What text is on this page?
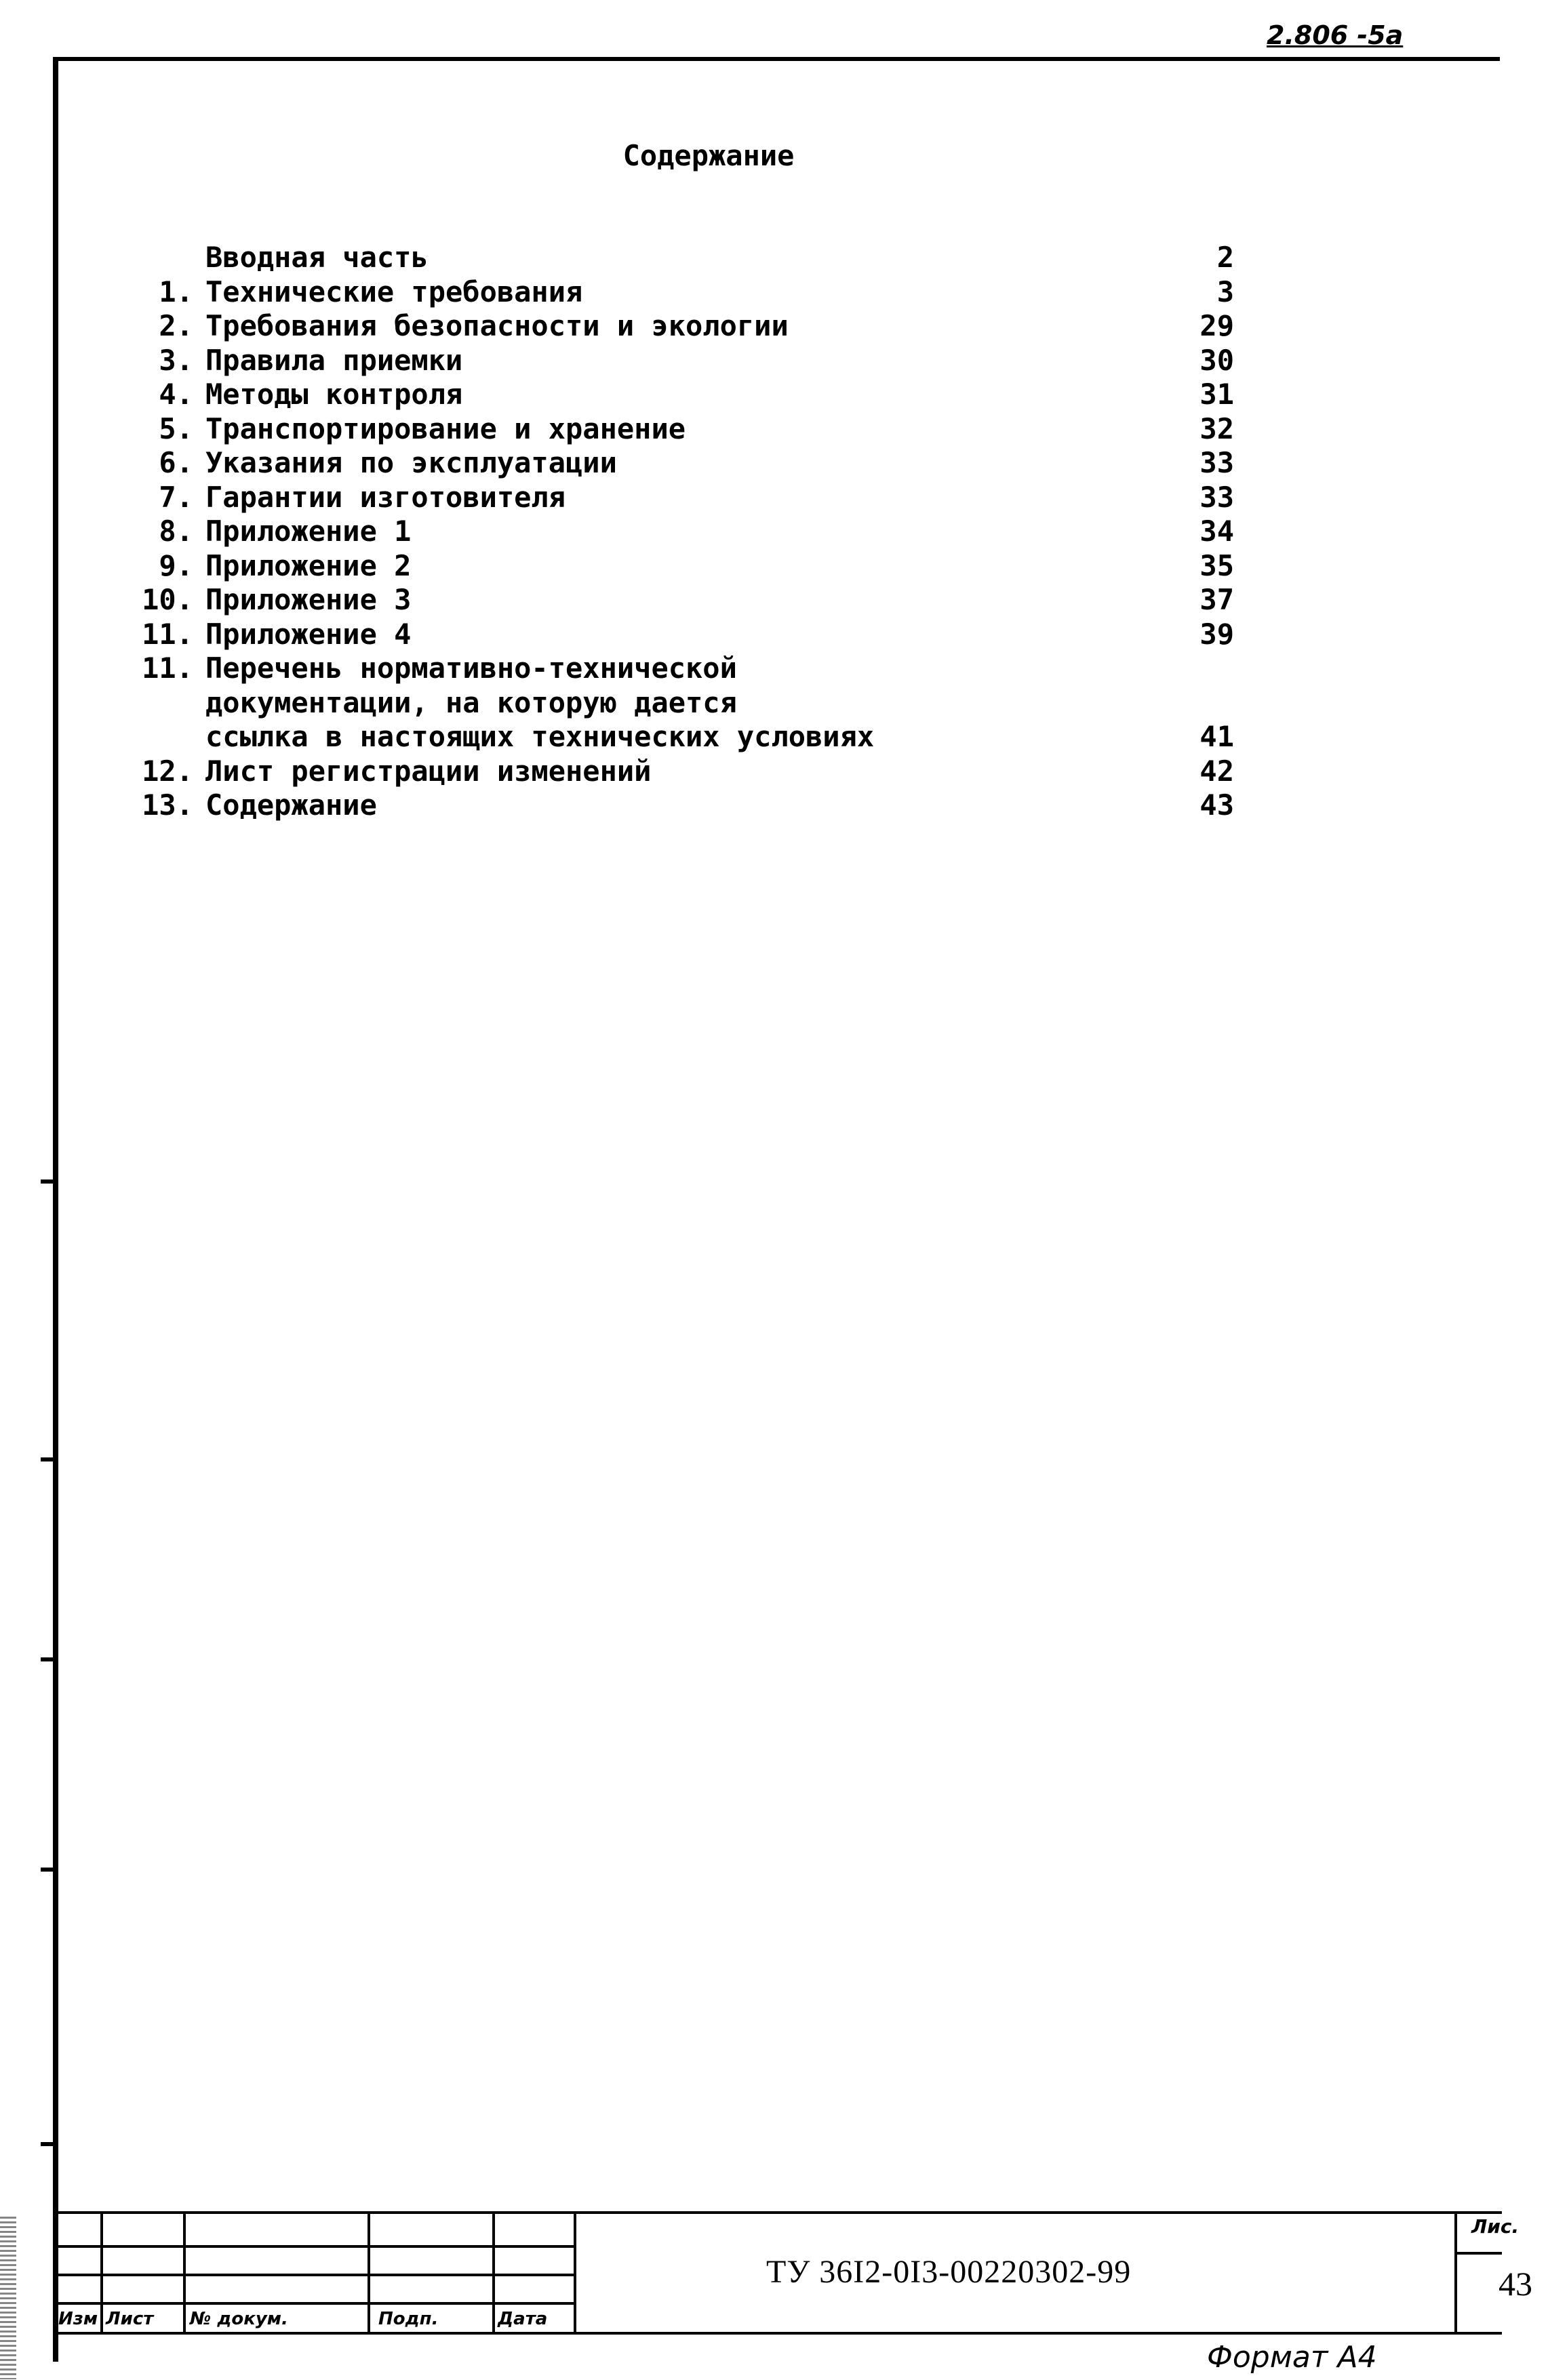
2.806 -5а
Содержание
Вводная часть	2
1. Технические требования	3
2. Требования безопасности и экологии	29
3. Правила приемки	30
4. Методы контроля	31
5. Транспортирование и хранение	32
6. Указания по эксплуатации	33
7. Гарантии изготовителя	33
8. Приложение 1	34
9. Приложение 2	35
10. Приложение 3	37
11. Приложение 4	39
11. Перечень нормативно-технической
документации, на которую дается
ссылка в настоящих технических условиях	41
12. Лист регистрации изменений	42
13. Содержание	43
Изм Лист № докум.	Подп.	Дата
ТУ 36I2-0I3-00220302-99
Лис.
43
Формат А4
